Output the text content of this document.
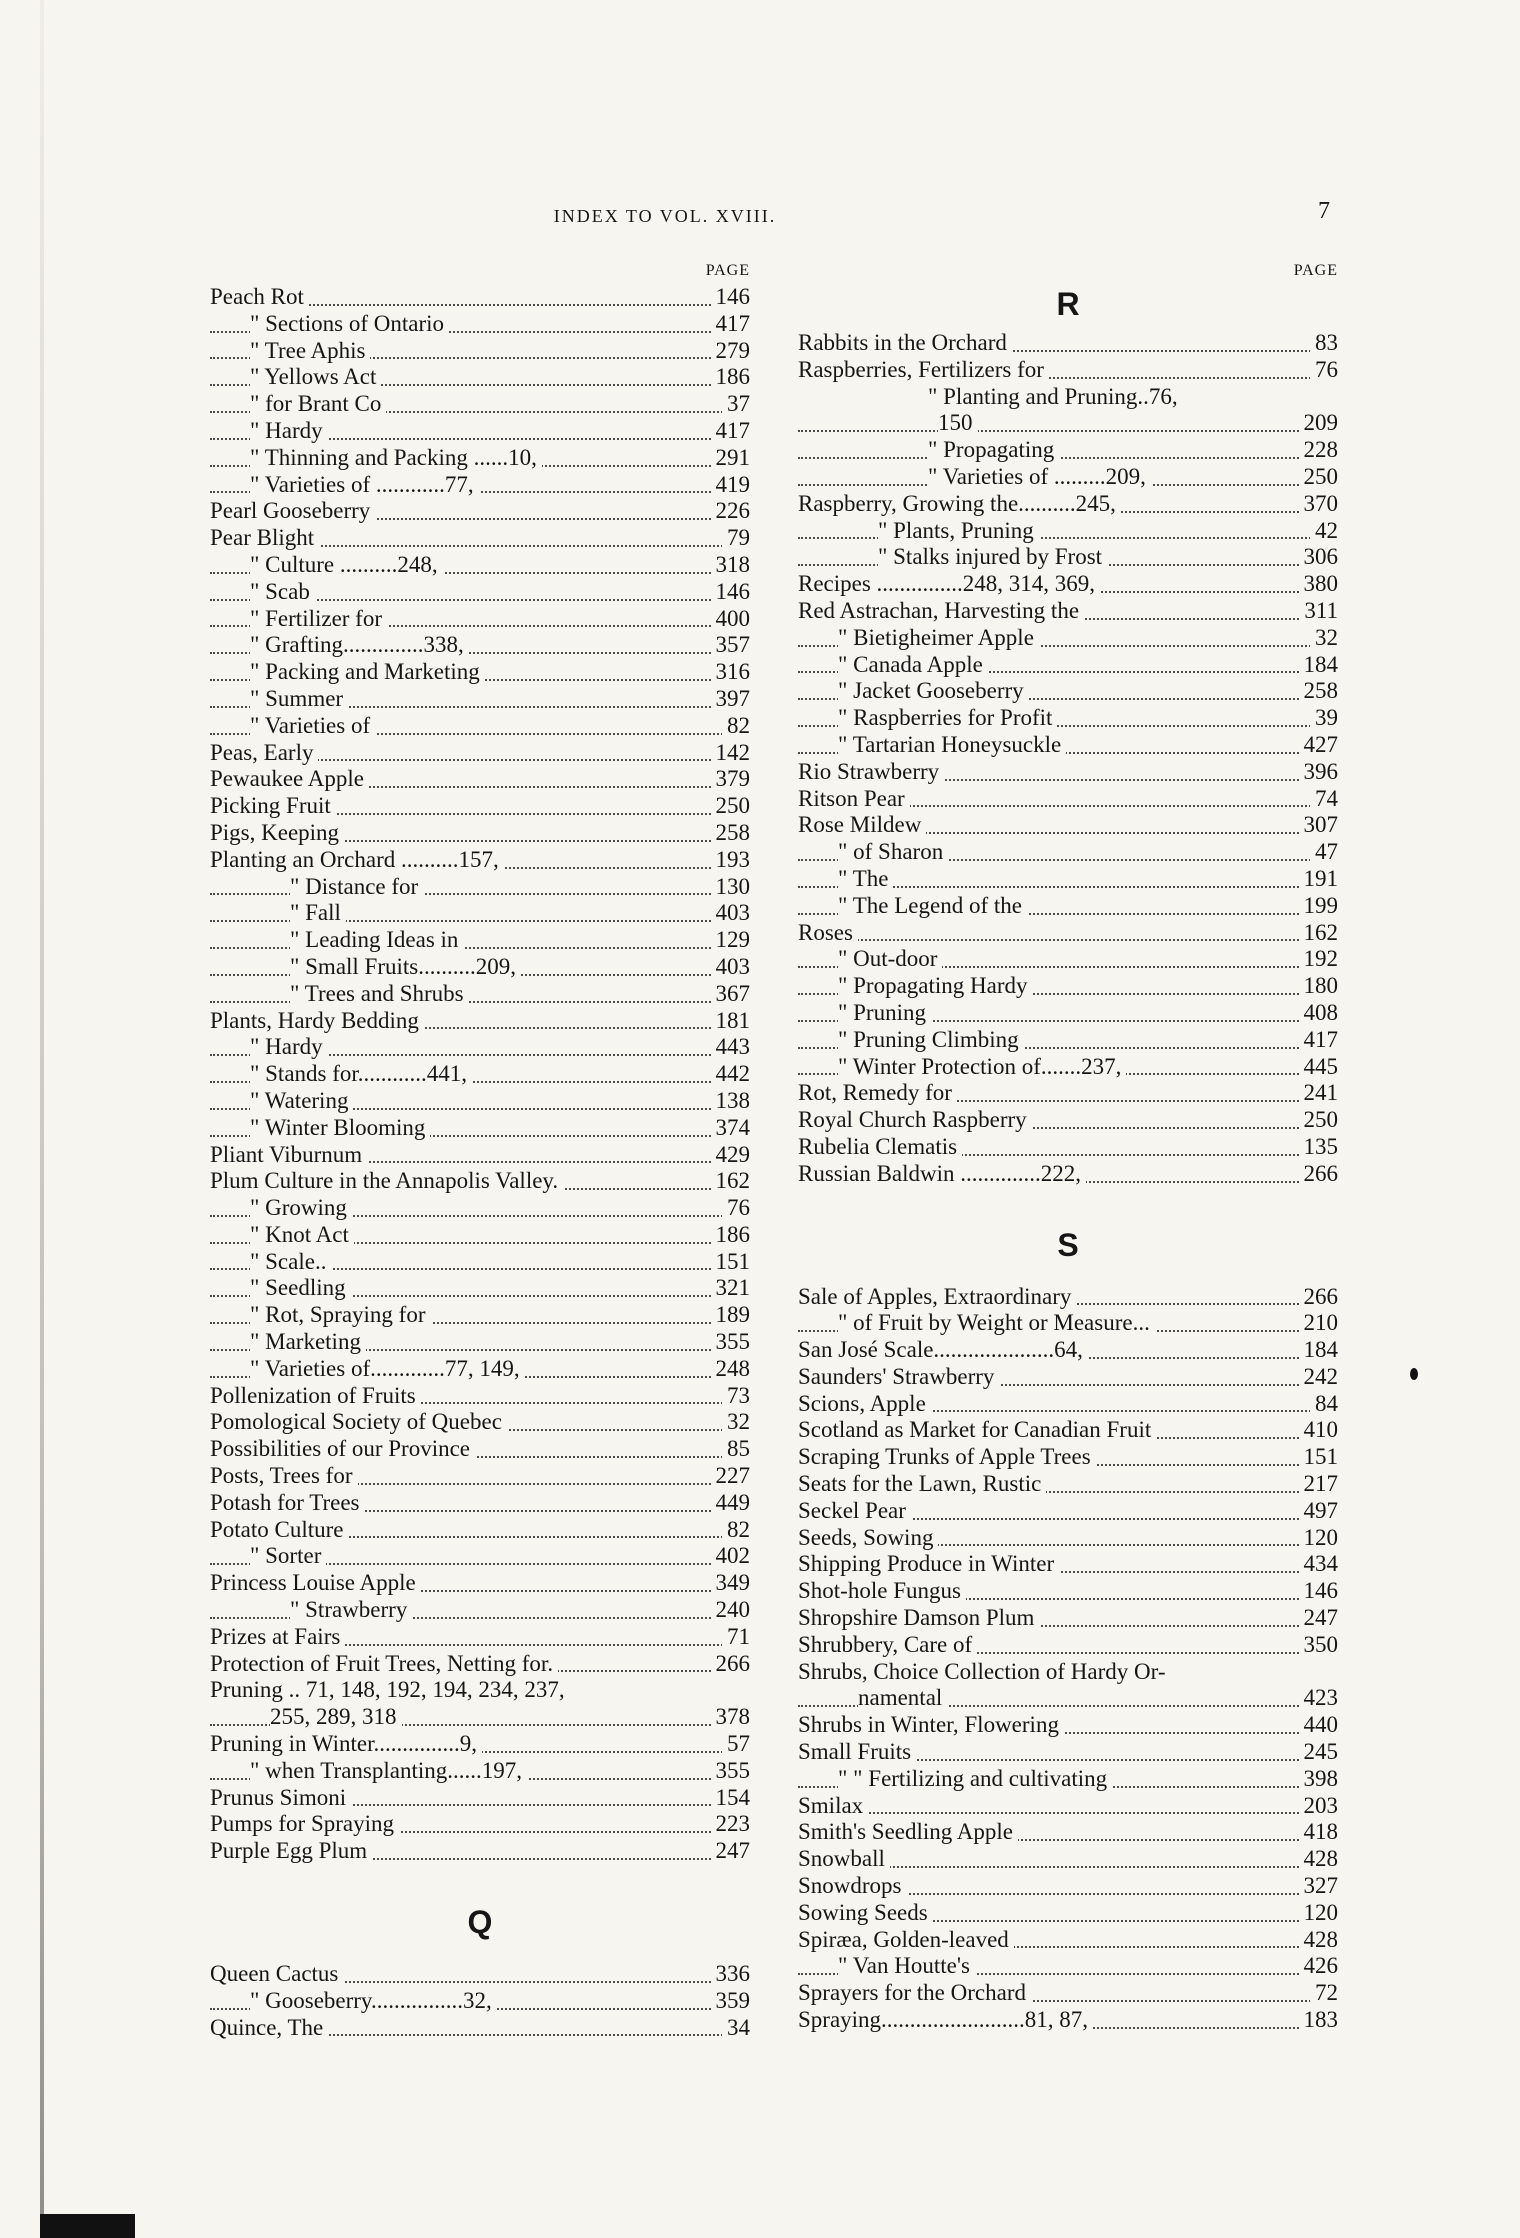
INDEX TO VOL. XVIII.	7
PAGE
Peach Rot	146
" Sections of Ontario	417
" Tree Aphis	279
" Yellows Act	186
" for Brant Co	37
" Hardy	417
" Thinning and Packing ......10,	291
" Varieties of ............77,	419
Pearl Gooseberry	226
Pear Blight	79
" Culture ..........248,	318
" Scab	146
" Fertilizer for	400
" Grafting..............338,	357
" Packing and Marketing	316
" Summer	397
" Varieties of	82
Peas, Early	142
Pewaukee Apple	379
Picking Fruit	250
Pigs, Keeping	258
Planting an Orchard ..........157,	193
" Distance for	130
" Fall	403
" Leading Ideas in	129
" Small Fruits..........209,	403
" Trees and Shrubs	367
Plants, Hardy Bedding	181
" Hardy	443
" Stands for............441,	442
" Watering	138
" Winter Blooming	374
Pliant Viburnum	429
Plum Culture in the Annapolis Valley.	162
" Growing	76
" Knot Act	186
" Scale..	151
" Seedling	321
" Rot, Spraying for	189
" Marketing	355
" Varieties of.............77, 149,	248
Pollenization of Fruits	73
Pomological Society of Quebec	32
Possibilities of our Province	85
Posts, Trees for	227
Potash for Trees	449
Potato Culture	82
" Sorter	402
Princess Louise Apple	349
" Strawberry	240
Prizes at Fairs	71
Protection of Fruit Trees, Netting for.	266
Pruning .. 71, 148, 192, 194, 234, 237,
255, 289, 318	378
Pruning in Winter...............9,	57
" when Transplanting......197,	355
Prunus Simoni	154
Pumps for Spraying	223
Purple Egg Plum	247
Q
Queen Cactus	336
" Gooseberry................32,	359
Quince, The	34
PAGE
R
Rabbits in the Orchard	83
Raspberries, Fertilizers for	76
" Planting and Pruning..76,
150	209
" Propagating	228
" Varieties of .........209,	250
Raspberry, Growing the..........245,	370
" Plants, Pruning	42
" Stalks injured by Frost	306
Recipes ...............248, 314, 369,	380
Red Astrachan, Harvesting the	311
" Bietigheimer Apple	32
" Canada Apple	184
" Jacket Gooseberry	258
" Raspberries for Profit	39
" Tartarian Honeysuckle	427
Rio Strawberry	396
Ritson Pear	74
Rose Mildew	307
" of Sharon	47
" The	191
" The Legend of the	199
Roses	162
" Out-door	192
" Propagating Hardy	180
" Pruning	408
" Pruning Climbing	417
" Winter Protection of.......237,	445
Rot, Remedy for	241
Royal Church Raspberry	250
Rubelia Clematis	135
Russian Baldwin ..............222,	266
S
Sale of Apples, Extraordinary	266
" of Fruit by Weight or Measure...	210
San José Scale.....................64,	184
Saunders' Strawberry	242
Scions, Apple	84
Scotland as Market for Canadian Fruit	410
Scraping Trunks of Apple Trees	151
Seats for the Lawn, Rustic	217
Seckel Pear	497
Seeds, Sowing	120
Shipping Produce in Winter	434
Shot-hole Fungus	146
Shropshire Damson Plum	247
Shrubbery, Care of	350
Shrubs, Choice Collection of Hardy Or-
namental	423
Shrubs in Winter, Flowering	440
Small Fruits	245
" " Fertilizing and cultivating	398
Smilax	203
Smith's Seedling Apple	418
Snowball	428
Snowdrops	327
Sowing Seeds	120
Spiræa, Golden-leaved	428
" Van Houtte's	426
Sprayers for the Orchard	72
Spraying.........................81, 87,	183
